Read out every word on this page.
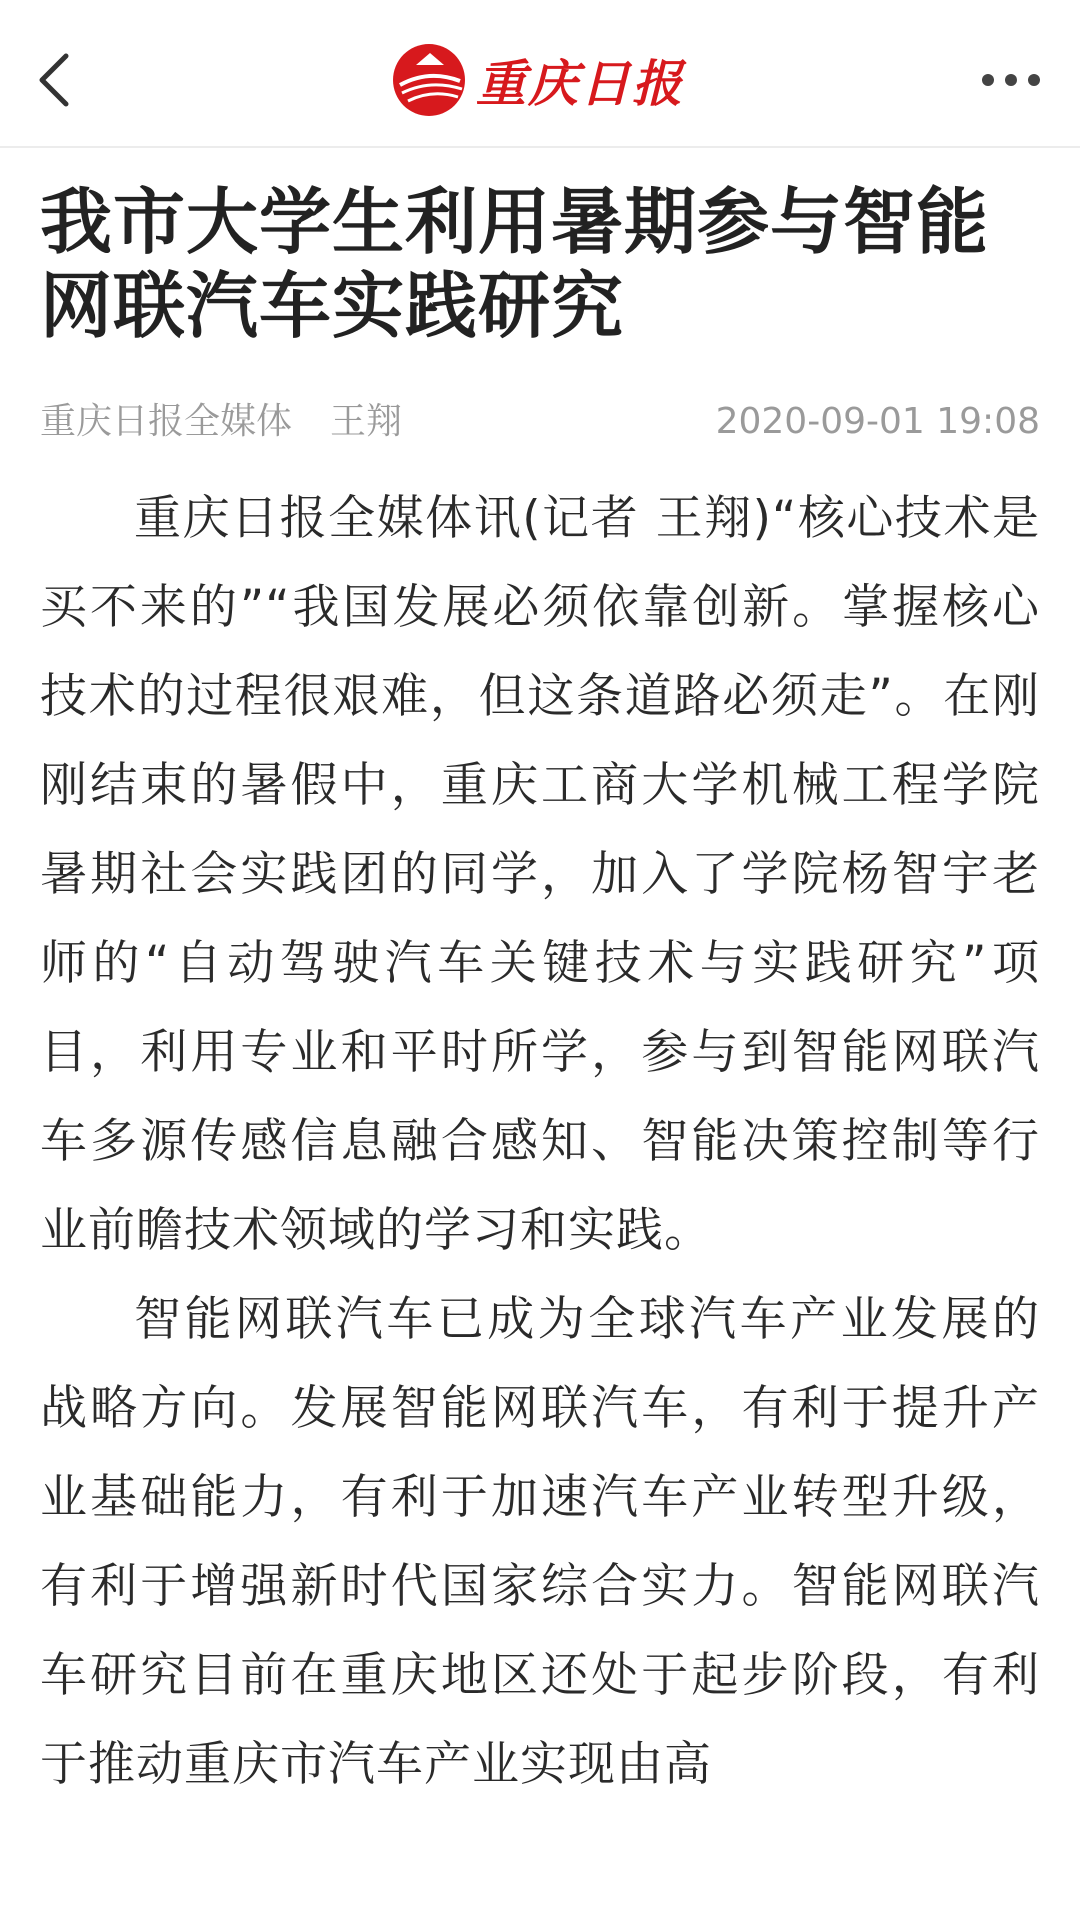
重庆日报
我市大学生利用暑期参与智能网联汽车实践研究
重庆日报全媒体 王翔	2020-09-01 19:08

重庆日报全媒体讯(记者 王翔)“核心技术是买不来的”“我国发展必须依靠创新。掌握核心技术的过程很艰难，但这条道路必须走”。在刚刚结束的暑假中，重庆工商大学机械工程学院暑期社会实践团的同学，加入了学院杨智宇老师的“自动驾驶汽车关键技术与实践研究”项目，利用专业和平时所学，参与到智能网联汽车多源传感信息融合感知、智能决策控制等行业前瞻技术领域的学习和实践。

智能网联汽车已成为全球汽车产业发展的战略方向。发展智能网联汽车，有利于提升产业基础能力，有利于加速汽车产业转型升级，有利于增强新时代国家综合实力。智能网联汽车研究目前在重庆地区还处于起步阶段，有利于推动重庆市汽车产业实现由高
